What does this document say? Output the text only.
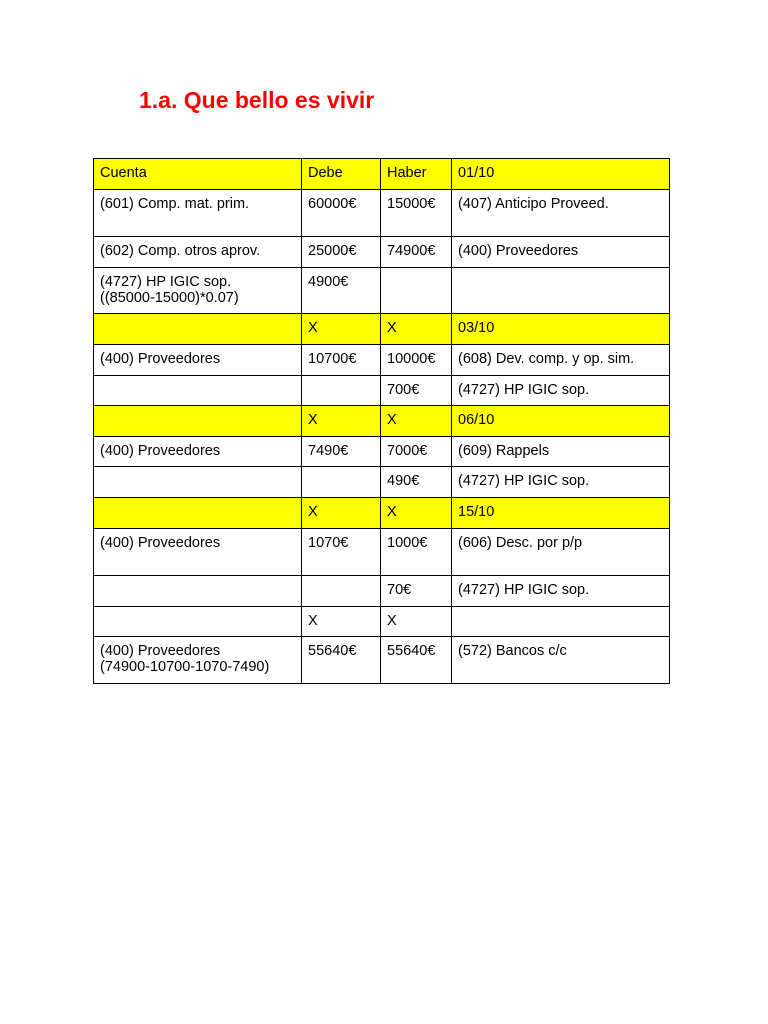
1.a. Que bello es vivir
Cuenta	Debe	Haber	01/10

(601) Comp. mat. prim.	60000€	15000€	(407) Anticipo Proveed.

(602) Comp. otros aprov.	25000€	74900€	(400) Proveedores

(4727) HP IGIC sop.
((85000-15000)*0.07)	4900€		

	X	X	03/10

(400) Proveedores	10700€	10000€	(608) Dev. comp. y op. sim.

		700€	(4727) HP IGIC sop.

	X	X	06/10

(400) Proveedores	7490€	7000€	(609) Rappels

		490€	(4727) HP IGIC sop.

	X	X	15/10

(400) Proveedores	1070€	1000€	(606) Desc. por p/p

		70€	(4727) HP IGIC sop.

	X	X	

(400) Proveedores
(74900-10700-1070-7490)	55640€	55640€	(572) Bancos c/c
